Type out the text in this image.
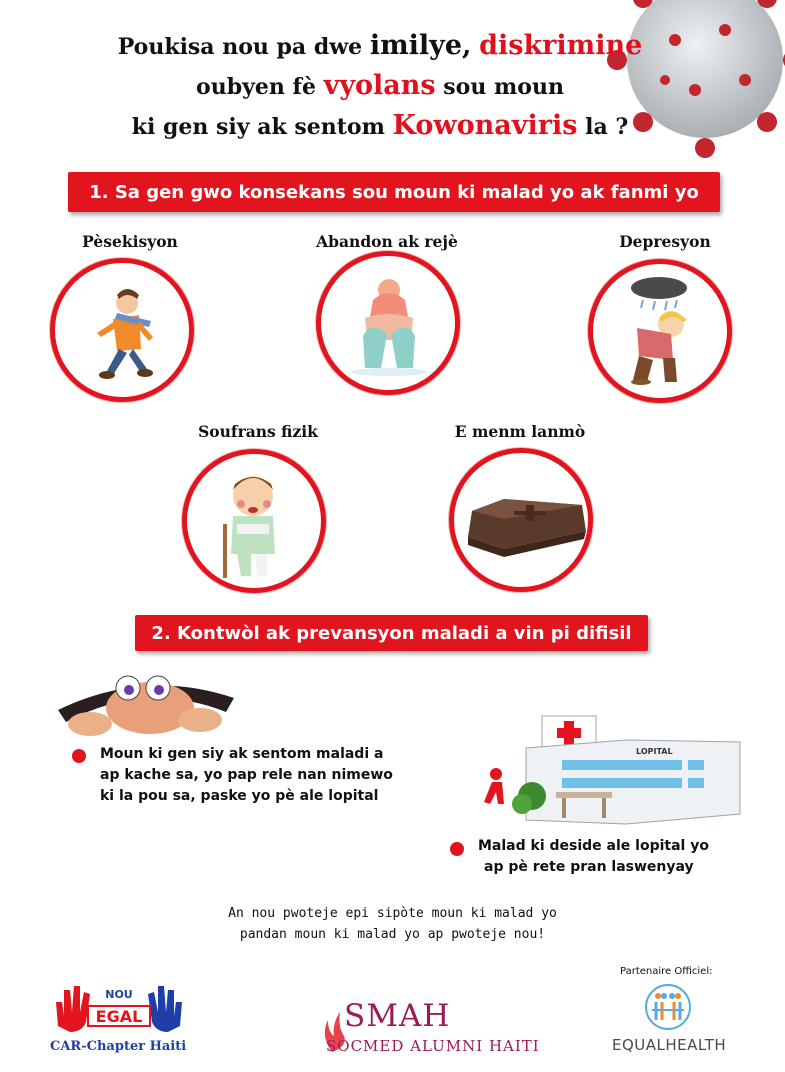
Poukisa nou pa dwe imilye, diskrimine
oubyen fè vyolans sou moun
ki gen siy ak sentom Kowonaviris la ?
1. Sa gen gwo konsekans sou moun ki malad yo ak fanmi yo
Pèsekisyon	Abandon ak rejè	Depresyon
Soufrans fizik	E menm lanmò
2. Kontwòl ak prevansyon maladi a vin pi difisil
Moun ki gen siy ak sentom maladi a
ap kache sa, yo pap rele nan nimewo
ki la pou sa, paske yo pè ale lopital
LOPITAL
Malad ki deside ale lopital yo
ap pè rete pran laswenyay
An nou pwoteje epi sipòte moun ki malad yo
pandan moun ki malad yo ap pwoteje nou!
EGAL
NOU
CAR-Chapter Haiti
SMAH
SOCMED ALUMNI HAITI
Partenaire Officiel:
EQUALHEALTH
